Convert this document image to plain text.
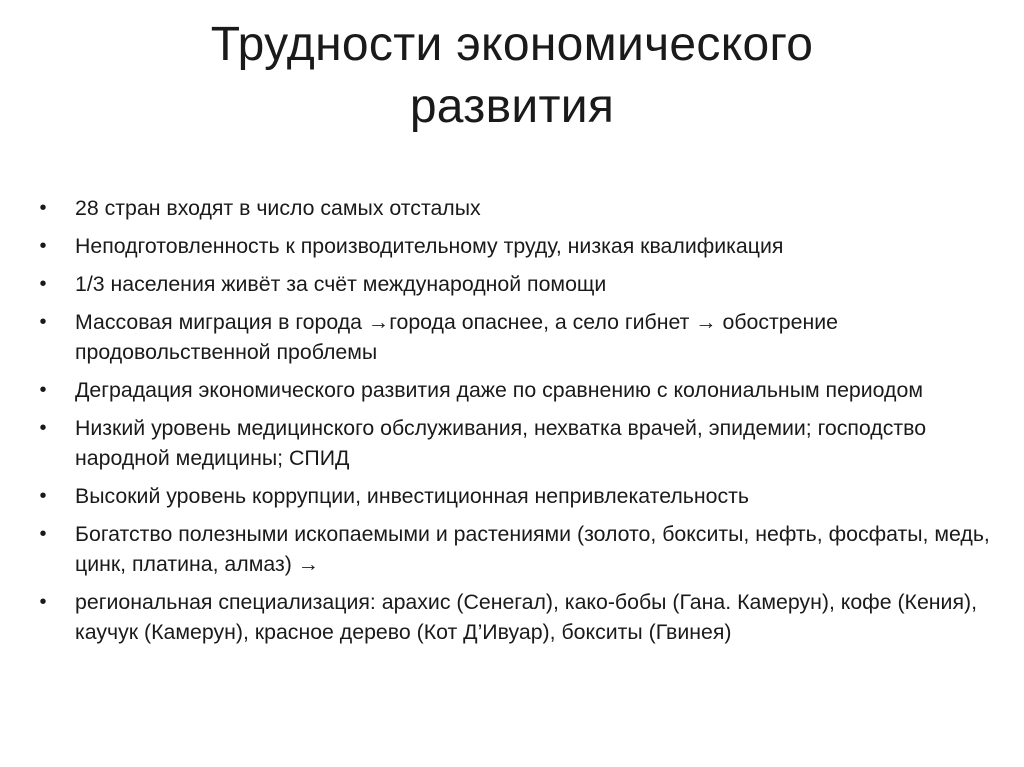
Трудности экономического
развития
• 28 стран входят в число самых отсталых
• Неподготовленность к производительному труду, низкая квалификация
• 1/3 населения живёт за счёт международной помощи
• Массовая миграция в города →города опаснее, а село гибнет → обострение продовольственной проблемы
• Деградация экономического развития даже по сравнению с колониальным периодом
• Низкий уровень медицинского обслуживания, нехватка врачей, эпидемии; господство народной медицины; СПИД
• Высокий уровень коррупции, инвестиционная непривлекательность
• Богатство полезными ископаемыми и растениями (золото, бокситы, нефть, фосфаты, медь, цинк, платина, алмаз) →
• региональная специализация: арахис (Сенегал), како-бобы (Гана. Камерун), кофе (Кения), каучук (Камерун), красное дерево (Кот Д’Ивуар), бокситы (Гвинея)
